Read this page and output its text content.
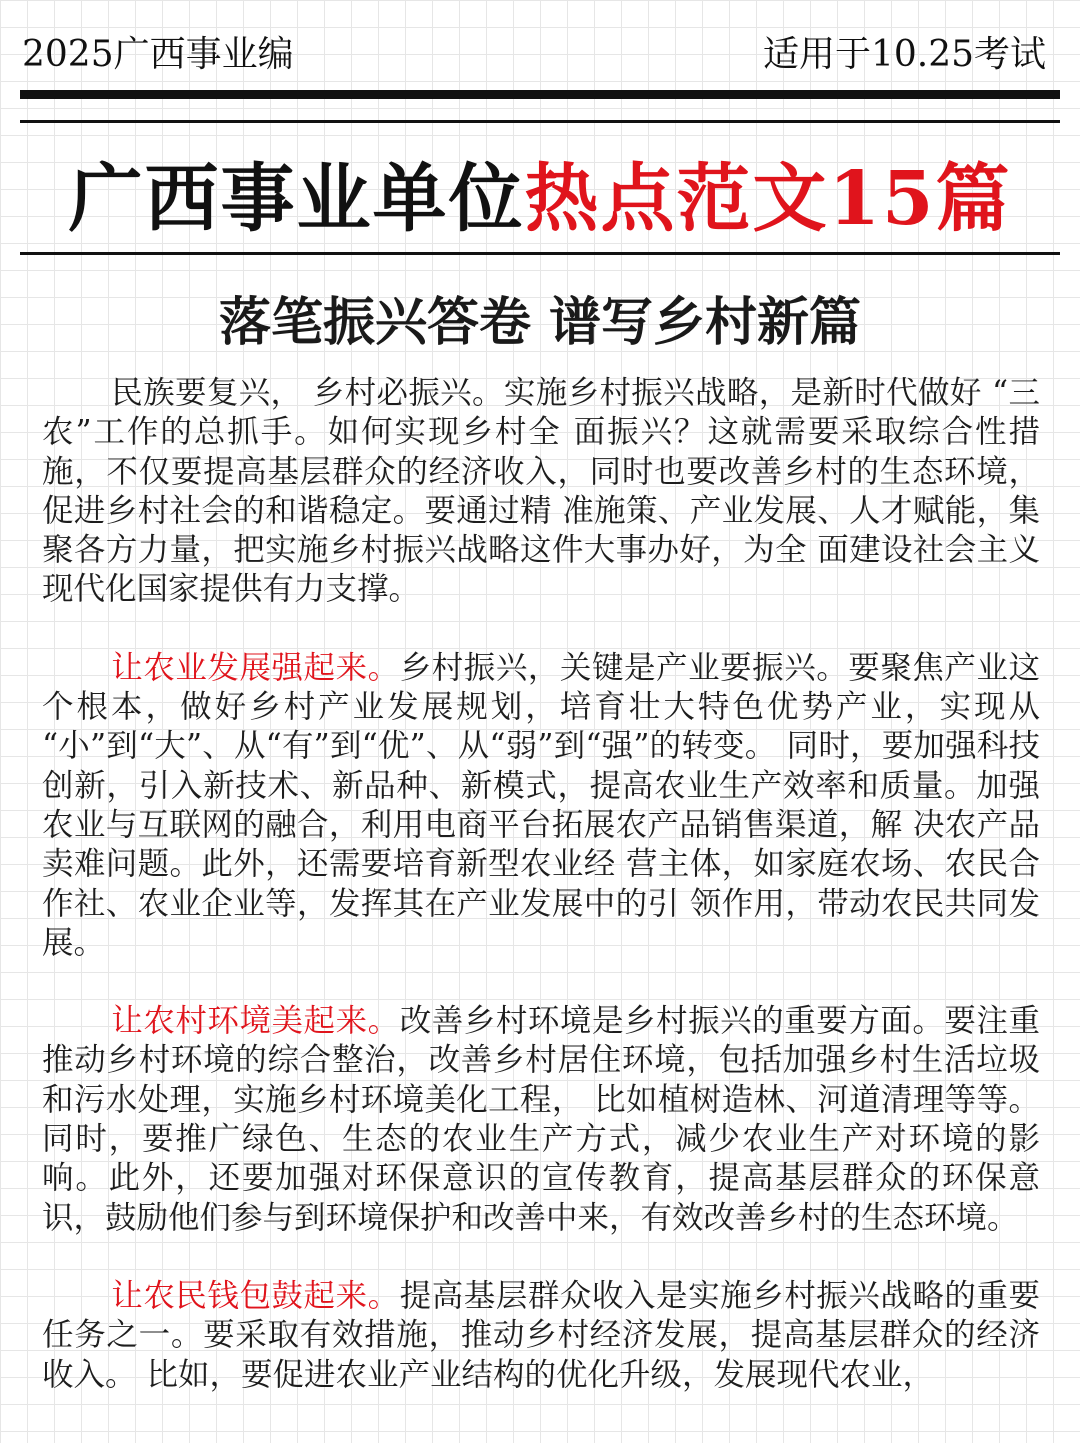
2025广西事业编	适用于10.25考试
广西事业单位热点范文15篇
落笔振兴答卷 谱写乡村新篇

民族要复兴， 乡村必振兴。实施乡村振兴战略，是新时代做好 “三农”工作的总抓手。如何实现乡村全 面振兴？这就需要采取综合性措施，不仅要提高基层群众的经济收入，同时也要改善乡村的生态环境，促进乡村社会的和谐稳定。要通过精 准施策、产业发展、人才赋能，集聚各方力量，把实施乡村振兴战略这件大事办好，为全 面建设社会主义现代化国家提供有力支撑。

让农业发展强起来。乡村振兴，关键是产业要振兴。要聚焦产业这个根本，做好乡村产业发展规划，培育壮大特色优势产业，实现从 “小”到“大”、从“有”到“优”、从“弱”到“强”的转变。 同时，要加强科技创新，引入新技术、新品种、新模式，提高农业生产效率和质量。加强农业与互联网的融合，利用电商平台拓展农产品销售渠道，解 决农产品卖难问题。此外，还需要培育新型农业经 营主体，如家庭农场、农民合作社、农业企业等，发挥其在产业发展中的引 领作用，带动农民共同发展。

让农村环境美起来。改善乡村环境是乡村振兴的重要方面。要注重推动乡村环境的综合整治，改善乡村居住环境，包括加强乡村生活垃圾和污水处理，实施乡村环境美化工程， 比如植树造林、河道清理等等。 同时，要推广绿色、生态的农业生产方式，减少农业生产对环境的影响。此外，还要加强对环保意识的宣传教育，提高基层群众的环保意识，鼓励他们参与到环境保护和改善中来，有效改善乡村的生态环境。

让农民钱包鼓起来。提高基层群众收入是实施乡村振兴战略的重要任务之一。要采取有效措施，推动乡村经济发展，提高基层群众的经济收入。 比如，要促进农业产业结构的优化升级，发展现代农业，
